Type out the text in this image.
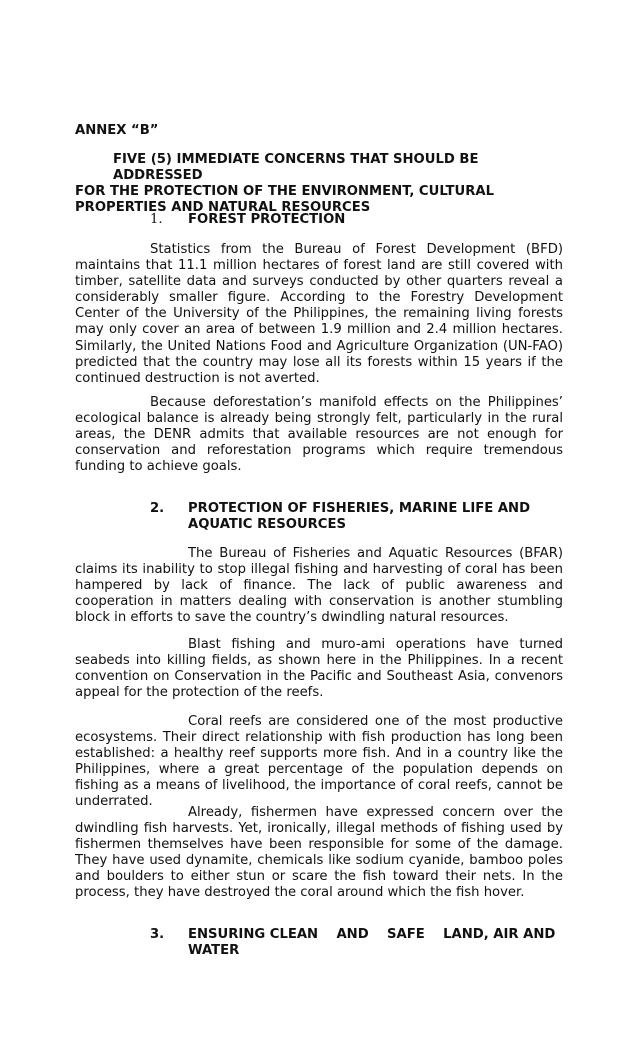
ANNEX “B”
FIVE (5) IMMEDIATE CONCERNS THAT SHOULD BE ADDRESSED
FOR THE PROTECTION OF THE ENVIRONMENT, CULTURAL
PROPERTIES AND NATURAL RESOURCES
1. FOREST PROTECTION

Statistics from the Bureau of Forest Development (BFD) maintains that 11.1 million hectares of forest land are still covered with timber, satellite data and surveys conducted by other quarters reveal a considerably smaller figure. According to the Forestry Development Center of the University of the Philippines, the remaining living forests may only cover an area of between 1.9 million and 2.4 million hectares. Similarly, the United Nations Food and Agriculture Organization (UN-FAO) predicted that the country may lose all its forests within 15 years if the continued destruction is not averted.

Because deforestation’s manifold effects on the Philippines’ ecological balance is already being strongly felt, particularly in the rural areas, the DENR admits that available resources are not enough for conservation and reforestation programs which require tremendous funding to achieve goals.

2. PROTECTION OF FISHERIES, MARINE LIFE AND
AQUATIC RESOURCES

The Bureau of Fisheries and Aquatic Resources (BFAR) claims its inability to stop illegal fishing and harvesting of coral has been hampered by lack of finance. The lack of public awareness and cooperation in matters dealing with conservation is another stumbling block in efforts to save the country’s dwindling natural resources.

Blast fishing and muro-ami operations have turned seabeds into killing fields, as shown here in the Philippines. In a recent convention on Conservation in the Pacific and Southeast Asia, convenors appeal for the protection of the reefs.

Coral reefs are considered one of the most productive ecosystems. Their direct relationship with fish production has long been established: a healthy reef supports more fish. And in a country like the Philippines, where a great percentage of the population depends on fishing as a means of livelihood, the importance of coral reefs, cannot be underrated.

Already, fishermen have expressed concern over the dwindling fish harvests. Yet, ironically, illegal methods of fishing used by fishermen themselves have been responsible for some of the damage. They have used dynamite, chemicals like sodium cyanide, bamboo poles and boulders to either stun or scare the fish toward their nets. In the process, they have destroyed the coral around which the fish hover.

3. ENSURING CLEAN    AND    SAFE    LAND, AIR AND
WATER
